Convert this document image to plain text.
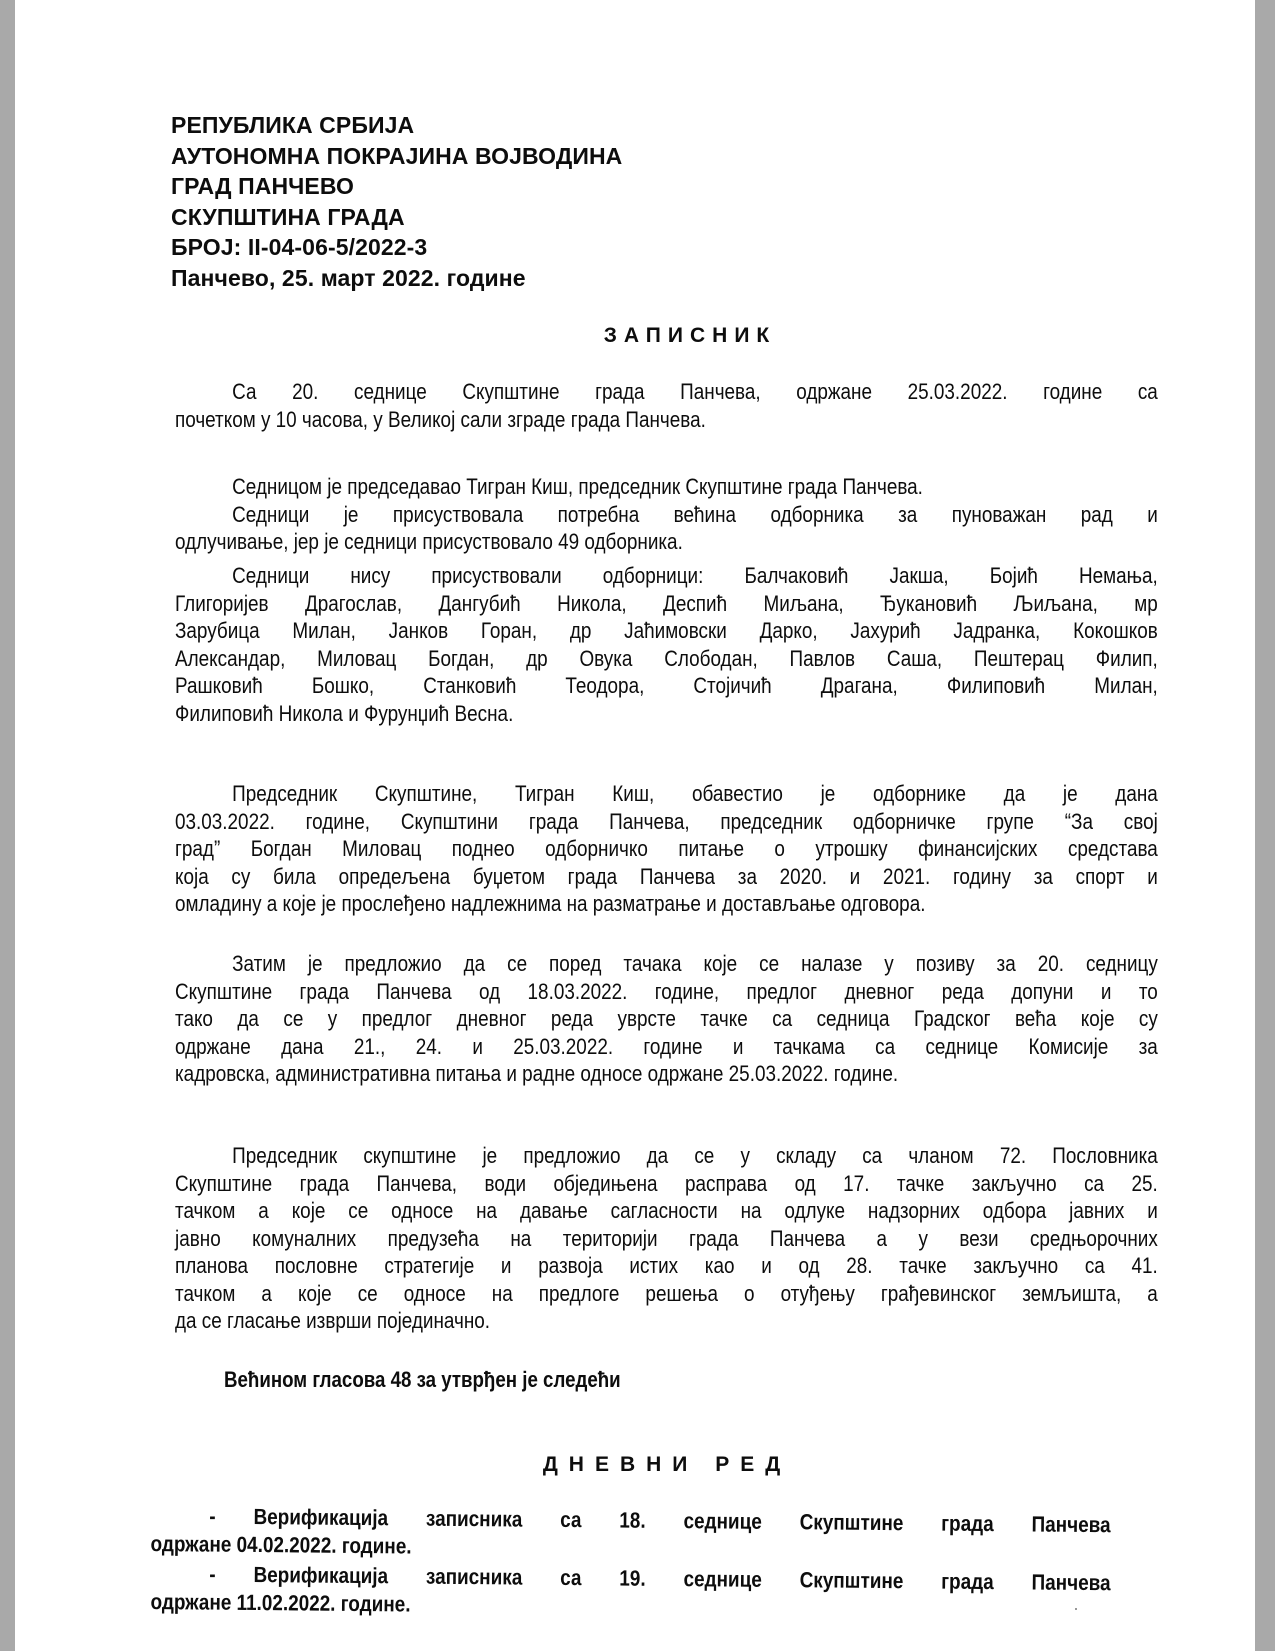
РЕПУБЛИКА СРБИЈА
АУТОНОМНА ПОКРАЈИНА ВОЈВОДИНА
ГРАД ПАНЧЕВО
СКУПШТИНА ГРАДА
БРОЈ: II-04-06-5/2022-3
Панчево, 25. март 2022. године
ЗАПИСНИК
Са 20. седнице Скупштине града Панчева, одржане 25.03.2022. године са
почетком у 10 часова, у Великој сали зграде града Панчева.
Седницом је председавао Тигран Киш, председник Скупштине града Панчева.
Седници је присуствовала потребна већина одборника за пуноважан рад и
одлучивање, јер је седници присуствовало 49 одборника.
Седници нису присуствовали одборници: Балчаковић Јакша, Бојић Немања,
Глигоријев Драгослав, Дангубић Никола, Деспић Миљана, Ђукановић Љиљана, мр
Зарубица Милан, Јанков Горан, др Јаћимовски Дарко, Јахурић Јадранка, Кокошков
Александар, Миловац Богдан, др Овука Слободан, Павлов Саша, Пештерац Филип,
Рашковић Бошко, Станковић Теодора, Стојичић Драгана, Филиповић Милан,
Филиповић Никола и Фурунџић Весна.
Председник Скупштине, Тигран Киш, обавестио је одборнике да је дана
03.03.2022. године, Скупштини града Панчева, председник одборничке групе “За свој
град” Богдан Миловац поднео одборничко питање о утрошку финансијских средстава
која су била опредељена буџетом града Панчева за 2020. и 2021. годину за спорт и
омладину а које је прослеђено надлежнима на разматрање и достављање одговора.
Затим је предложио да се поред тачака које се налазе у позиву за 20. седницу
Скупштине града Панчева од 18.03.2022. године, предлог дневног реда допуни и то
тако да се у предлог дневног реда уврсте тачке са седница Градског већа које су
одржане дана 21., 24. и 25.03.2022. године и тачкама са седнице Комисије за
кадровска, административна питања и радне односе одржане 25.03.2022. године.
Председник скупштине је предложио да се у складу са чланом 72. Пословника
Скупштине града Панчева, води обједињена расправа од 17. тачке закључно са 25.
тачком а које се односе на давање сагласности на одлуке надзорних одбора јавних и
јавно комуналних предузећа на територији града Панчева а у вези средњорочних
планова пословне стратегије и развоја истих као и од 28. тачке закључно са 41.
тачком а које се односе на предлоге решења о отуђењу грађевинског земљишта, а
да се гласање изврши појединачно.
Већином гласова 48 за утврђен је следећи
ДНЕВНИ РЕД
- Верификација записника са 18. седнице Скупштине града Панчева
одржане 04.02.2022. године.
- Верификација записника са 19. седнице Скупштине града Панчева
одржане 11.02.2022. године.
